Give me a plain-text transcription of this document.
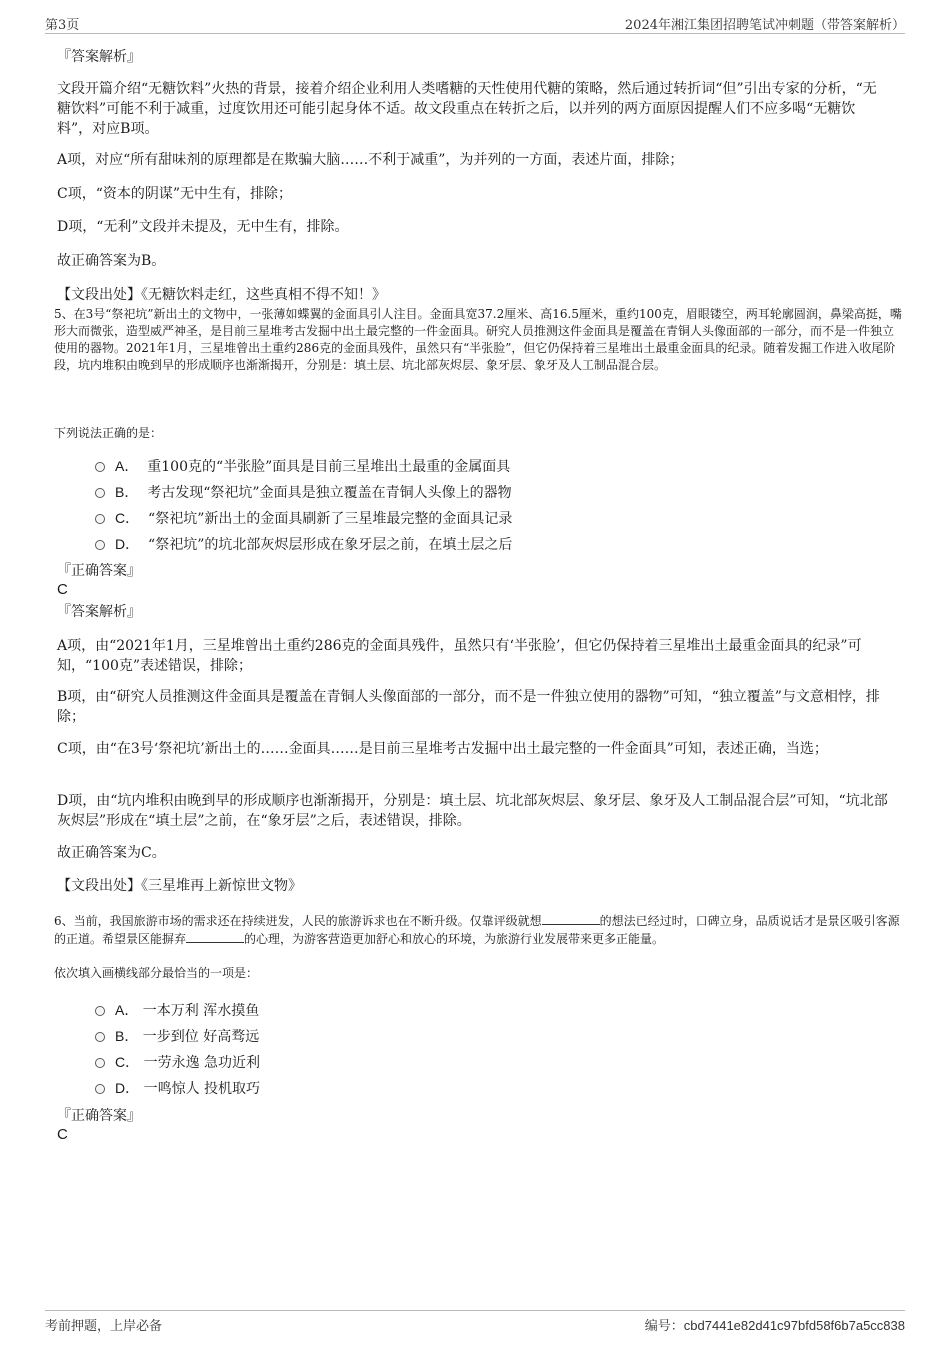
第3页	2024年湘江集团招聘笔试冲刺题（带答案解析）
『答案解析』

文段开篇介绍“无糖饮料”火热的背景，接着介绍企业利用人类嗜糖的天性使用代糖的策略，然后通过转折词“但”引出专家的分析，“无糖饮料”可能不利于减重，过度饮用还可能引起身体不适。故文段重点在转折之后，以并列的两方面原因提醒人们不应多喝“无糖饮料”，对应B项。

A项，对应“所有甜味剂的原理都是在欺骗大脑……不利于减重”，为并列的一方面，表述片面，排除；

C项，“资本的阴谋”无中生有，排除；

D项，“无利”文段并未提及，无中生有，排除。

故正确答案为B。

【文段出处】《无糖饮料走红，这些真相不得不知！》

5、在3号“祭祀坑”新出土的文物中，一张薄如蝶翼的金面具引人注目。金面具宽37.2厘米、高16.5厘米，重约100克，眉眼镂空，两耳轮廓圆润，鼻梁高挺，嘴形大而微张，造型威严神圣，是目前三星堆考古发掘中出土最完整的一件金面具。研究人员推测这件金面具是覆盖在青铜人头像面部的一部分，而不是一件独立使用的器物。2021年1月，三星堆曾出土重约286克的金面具残件，虽然只有“半张脸”，但它仍保持着三星堆出土最重金面具的纪录。随着发掘工作进入收尾阶段，坑内堆积由晚到早的形成顺序也渐渐揭开，分别是：填土层、坑北部灰烬层、象牙层、象牙及人工制品混合层。

下列说法正确的是：

A． 重100克的“半张脸”面具是目前三星堆出土最重的金属面具
B． 考古发现“祭祀坑”金面具是独立覆盖在青铜人头像上的器物
C． “祭祀坑”新出土的金面具刷新了三星堆最完整的金面具记录
D． “祭祀坑”的坑北部灰烬层形成在象牙层之前，在填土层之后
『正确答案』
C
『答案解析』

A项，由“2021年1月，三星堆曾出土重约286克的金面具残件，虽然只有‘半张脸’，但它仍保持着三星堆出土最重金面具的纪录”可知，“100克”表述错误，排除；

B项，由“研究人员推测这件金面具是覆盖在青铜人头像面部的一部分，而不是一件独立使用的器物”可知，“独立覆盖”与文意相悖，排除；

C项，由“在3号‘祭祀坑’新出土的……金面具……是目前三星堆考古发掘中出土最完整的一件金面具”可知，表述正确，当选；

D项，由“坑内堆积由晚到早的形成顺序也渐渐揭开，分别是：填土层、坑北部灰烬层、象牙层、象牙及人工制品混合层”可知，“坑北部灰烬层”形成在“填土层”之前，在“象牙层”之后，表述错误，排除。

故正确答案为C。

【文段出处】《三星堆再上新惊世文物》

6、当前，我国旅游市场的需求还在持续迸发，人民的旅游诉求也在不断升级。仅靠评级就想	的想法已经过时，口碑立身，品质说话才是景区吸引客源的正道。希望景区能摒弃	的心理，为游客营造更加舒心和放心的环境，为旅游行业发展带来更多正能量。

依次填入画横线部分最恰当的一项是：

A． 一本万利 浑水摸鱼
B． 一步到位 好高骛远
C． 一劳永逸 急功近利
D． 一鸣惊人 投机取巧
『正确答案』
C
考前押题，上岸必备	编号：cbd7441e82d41c97bfd58f6b7a5cc838
